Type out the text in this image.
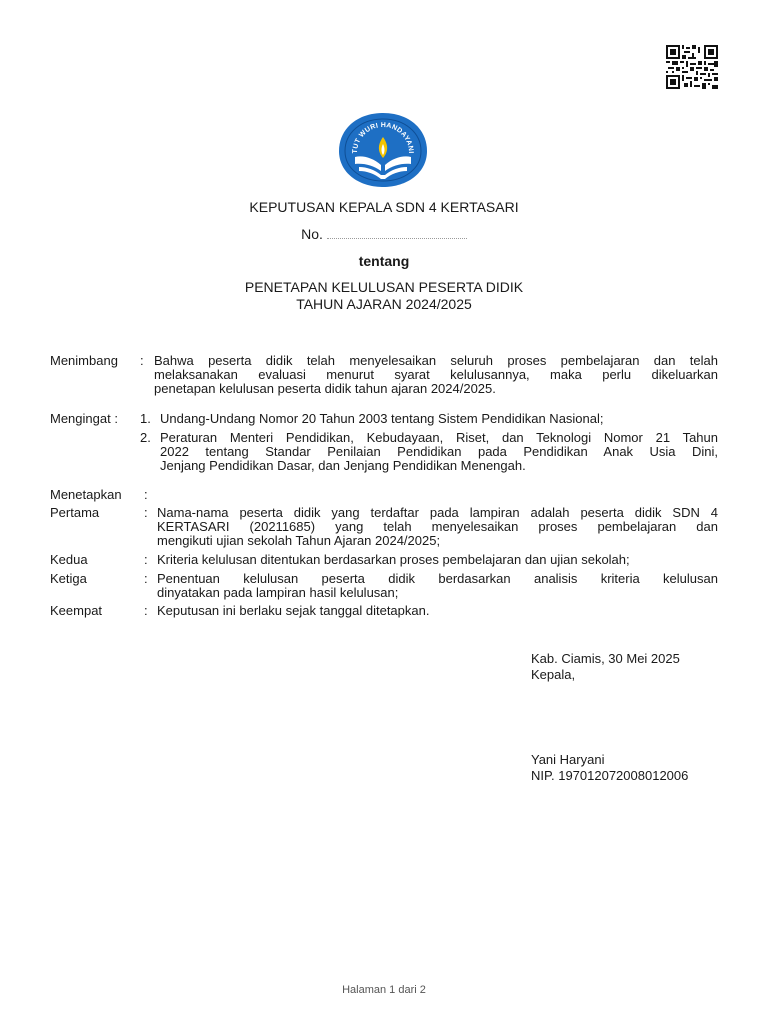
TUT WURI HANDAYANI
KEPUTUSAN KEPALA SDN 4 KERTASARI
No.
tentang
PENETAPAN KELULUSAN PESERTA DIDIK
TAHUN AJARAN 2024/2025
Menimbang : Bahwa peserta didik telah menyelesaikan seluruh proses pembelajaran dan telah
melaksanakan evaluasi menurut syarat kelulusannya, maka perlu dikeluarkan
penetapan kelulusan peserta didik tahun ajaran 2024/2025.
Mengingat : 1. Undang-Undang Nomor 20 Tahun 2003 tentang Sistem Pendidikan Nasional;
2. Peraturan Menteri Pendidikan, Kebudayaan, Riset, dan Teknologi Nomor 21 Tahun
2022 tentang Standar Penilaian Pendidikan pada Pendidikan Anak Usia Dini,
Jenjang Pendidikan Dasar, dan Jenjang Pendidikan Menengah.
Menetapkan :
Pertama	: Nama-nama peserta didik yang terdaftar pada lampiran adalah peserta didik SDN 4
KERTASARI (20211685) yang telah menyelesaikan proses pembelajaran dan
mengikuti ujian sekolah Tahun Ajaran 2024/2025;
Kedua	: Kriteria kelulusan ditentukan berdasarkan proses pembelajaran dan ujian sekolah;
Ketiga	: Penentuan kelulusan peserta didik berdasarkan analisis kriteria kelulusan
dinyatakan pada lampiran hasil kelulusan;
Keempat	: Keputusan ini berlaku sejak tanggal ditetapkan.
Kab. Ciamis, 30 Mei 2025
Kepala,
Yani Haryani
NIP. 197012072008012006
Halaman 1 dari 2
